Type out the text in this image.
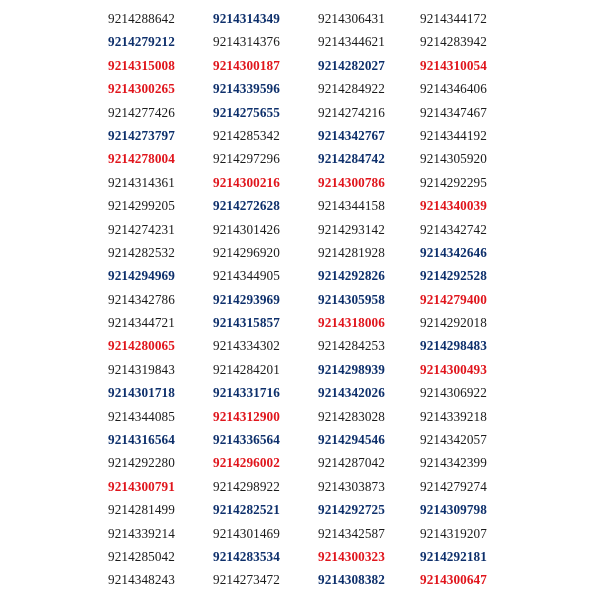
9214288642
9214279212
9214315008
9214300265
9214277426
9214273797
9214278004
9214314361
9214299205
9214274231
9214282532
9214294969
9214342786
9214344721
9214280065
9214319843
9214301718
9214344085
9214316564
9214292280
9214300791
9214281499
9214339214
9214285042
9214348243
9214314349
9214314376
9214300187
9214339596
9214275655
9214285342
9214297296
9214300216
9214272628
9214301426
9214296920
9214344905
9214293969
9214315857
9214334302
9214284201
9214331716
9214312900
9214336564
9214296002
9214298922
9214282521
9214301469
9214283534
9214273472
9214306431
9214344621
9214282027
9214284922
9214274216
9214342767
9214284742
9214300786
9214344158
9214293142
9214281928
9214292826
9214305958
9214318006
9214284253
9214298939
9214342026
9214283028
9214294546
9214287042
9214303873
9214292725
9214342587
9214300323
9214308382
9214344172
9214283942
9214310054
9214346406
9214347467
9214344192
9214305920
9214292295
9214340039
9214342742
9214342646
9214292528
9214279400
9214292018
9214298483
9214300493
9214306922
9214339218
9214342057
9214342399
9214279274
9214309798
9214319207
9214292181
9214300647
